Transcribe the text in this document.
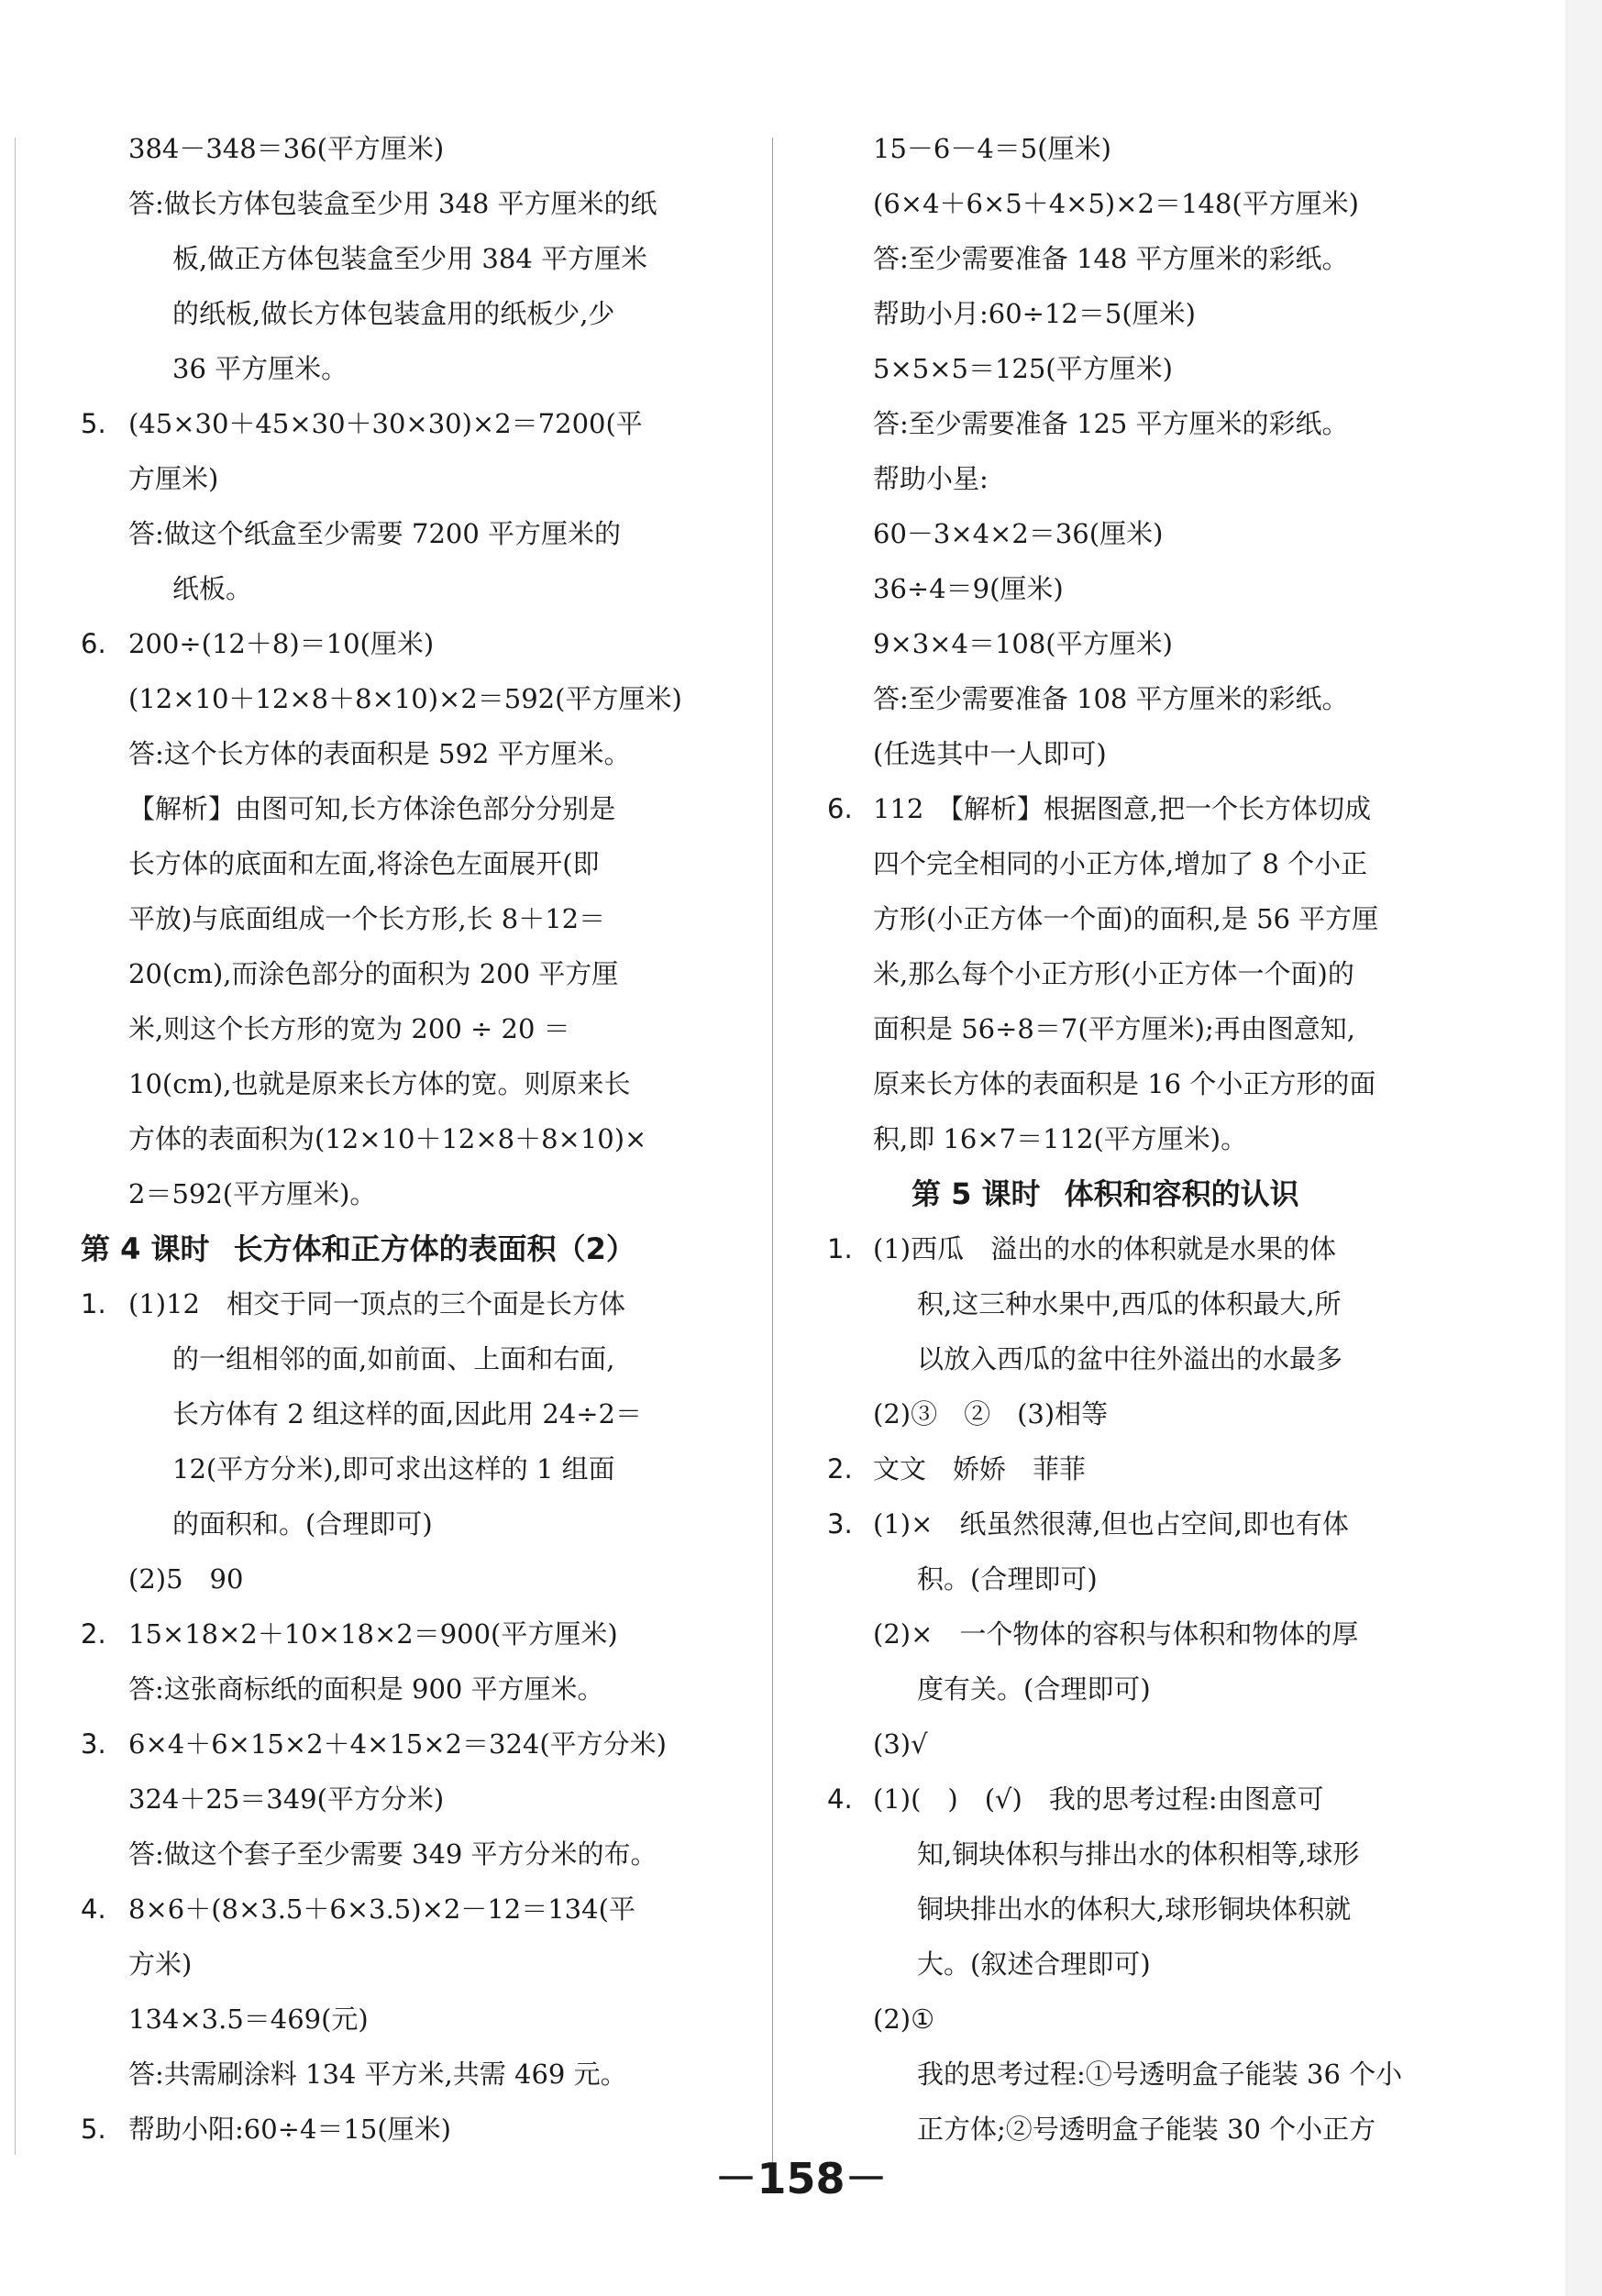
384－348＝36(平方厘米)
答:做长方体包装盒至少用 348 平方厘米的纸
板,做正方体包装盒至少用 384 平方厘米
的纸板,做长方体包装盒用的纸板少,少
36 平方厘米。
5. (45×30＋45×30＋30×30)×2＝7200(平
方厘米)
答:做这个纸盒至少需要 7200 平方厘米的
纸板。
6. 200÷(12＋8)＝10(厘米)
(12×10＋12×8＋8×10)×2＝592(平方厘米)
答:这个长方体的表面积是 592 平方厘米。
【解析】由图可知,长方体涂色部分分别是
长方体的底面和左面,将涂色左面展开(即
平放)与底面组成一个长方形,长 8＋12＝
20(cm),而涂色部分的面积为 200 平方厘
米,则这个长方形的宽为 200 ÷ 20 ＝
10(cm),也就是原来长方体的宽。则原来长
方体的表面积为(12×10＋12×8＋8×10)×
2＝592(平方厘米)。
第 4 课时 长方体和正方体的表面积（2）
1. (1)12　相交于同一顶点的三个面是长方体
的一组相邻的面,如前面、上面和右面,
长方体有 2 组这样的面,因此用 24÷2＝
12(平方分米),即可求出这样的 1 组面
的面积和。(合理即可)
(2)5　90
2. 15×18×2＋10×18×2＝900(平方厘米)
答:这张商标纸的面积是 900 平方厘米。
3. 6×4＋6×15×2＋4×15×2＝324(平方分米)
324＋25＝349(平方分米)
答:做这个套子至少需要 349 平方分米的布。
4. 8×6＋(8×3.5＋6×3.5)×2－12＝134(平
方米)
134×3.5＝469(元)
答:共需刷涂料 134 平方米,共需 469 元。
5. 帮助小阳:60÷4＝15(厘米)
15－6－4＝5(厘米)
(6×4＋6×5＋4×5)×2＝148(平方厘米)
答:至少需要准备 148 平方厘米的彩纸。
帮助小月:60÷12＝5(厘米)
5×5×5＝125(平方厘米)
答:至少需要准备 125 平方厘米的彩纸。
帮助小星:
60－3×4×2＝36(厘米)
36÷4＝9(厘米)
9×3×4＝108(平方厘米)
答:至少需要准备 108 平方厘米的彩纸。
(任选其中一人即可)
6. 112　【解析】根据图意,把一个长方体切成
四个完全相同的小正方体,增加了 8 个小正
方形(小正方体一个面)的面积,是 56 平方厘
米,那么每个小正方形(小正方体一个面)的
面积是 56÷8＝7(平方厘米);再由图意知,
原来长方体的表面积是 16 个小正方形的面
积,即 16×7＝112(平方厘米)。
第 5 课时 体积和容积的认识
1. (1)西瓜　溢出的水的体积就是水果的体
积,这三种水果中,西瓜的体积最大,所
以放入西瓜的盆中往外溢出的水最多
(2)③　②　(3)相等
2. 文文　娇娇　菲菲
3. (1)×　纸虽然很薄,但也占空间,即也有体
积。(合理即可)
(2)×　一个物体的容积与体积和物体的厚
度有关。(合理即可)
(3)√
4. (1)(　)　(√)　我的思考过程:由图意可
知,铜块体积与排出水的体积相等,球形
铜块排出水的体积大,球形铜块体积就
大。(叙述合理即可)
(2)①
我的思考过程:①号透明盒子能装 36 个小
正方体;②号透明盒子能装 30 个小正方
－158－
